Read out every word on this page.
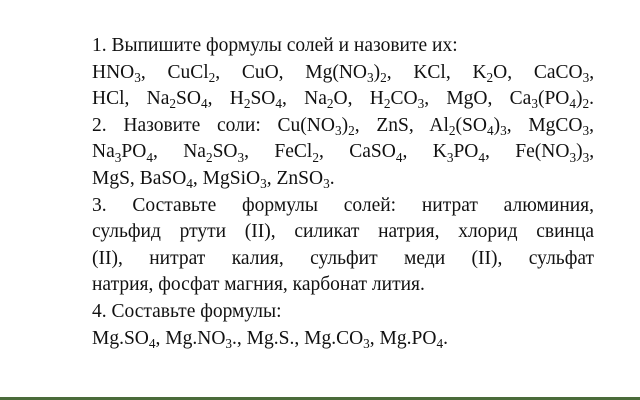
1. Выпишите формулы солей и назовите их:
$HNO_3$, CuCl$_2$, CuO, $Mg(NO_3)_2$, KCl, $K_2O$, CaCO$_3$,
HCl, $Na_2SO_4$, $H_2SO_4$, $Na_2O$, $H_2CO_3$, MgO, $Ca_3(PO_4)_2$.
2. Назовите соли: $Cu(NO_3)_2$, ZnS, $Al_2(SO_4)_3$, MgCO$_3$,
$Na_3PO_4$, $Na_2SO_3$, FeCl$_2$, CaSO$_4$, $K_3PO_4$, $Fe(NO_3)_3$,
MgS, BaSO$_4$, MgSiO$_3$, ZnSO$_3$.
3. Составьте формулы солей: нитрат алюминия,
сульфид ртути (II), силикат натрия, хлорид свинца
(II), нитрат калия, сульфит меди (II), сульфат
натрия, фосфат магния, карбонат лития.
4. Составьте формулы:
$Mg.SO_4$, $Mg.NO_3$., Mg.S., $Mg.CO_3$, $Mg.PO_4$.
